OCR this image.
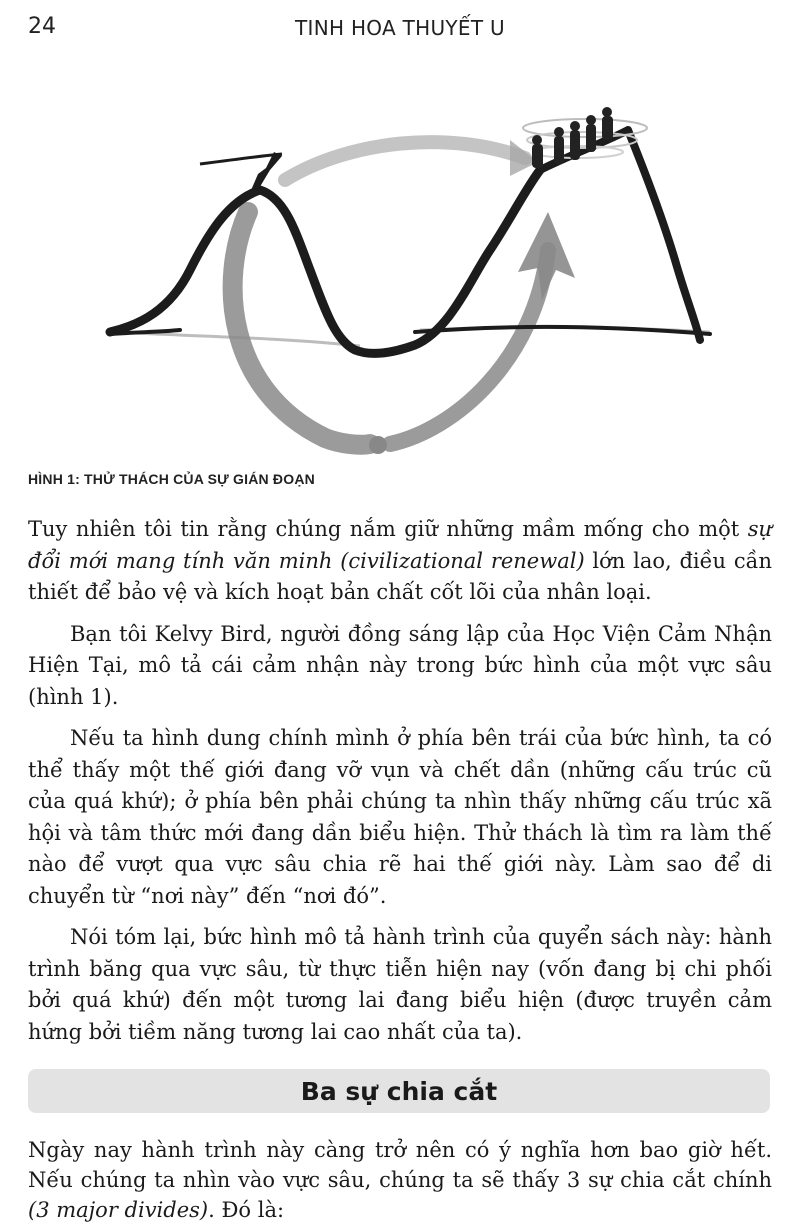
24	TINH HOA THUYẾT U
HÌNH 1: THỬ THÁCH CỦA SỰ GIÁN ĐOẠN

Tuy nhiên tôi tin rằng chúng nắm giữ những mầm mống cho một sự đổi mới mang tính văn minh (civilizational renewal) lớn lao, điều cần thiết để bảo vệ và kích hoạt bản chất cốt lõi của nhân loại.

Bạn tôi Kelvy Bird, người đồng sáng lập của Học Viện Cảm Nhận Hiện Tại, mô tả cái cảm nhận này trong bức hình của một vực sâu (hình 1).

Nếu ta hình dung chính mình ở phía bên trái của bức hình, ta có thể thấy một thế giới đang vỡ vụn và chết dần (những cấu trúc cũ của quá khứ); ở phía bên phải chúng ta nhìn thấy những cấu trúc xã hội và tâm thức mới đang dần biểu hiện. Thử thách là tìm ra làm thế nào để vượt qua vực sâu chia rẽ hai thế giới này. Làm sao để di chuyển từ “nơi này” đến “nơi đó”.

Nói tóm lại, bức hình mô tả hành trình của quyển sách này: hành trình băng qua vực sâu, từ thực tiễn hiện nay (vốn đang bị chi phối bởi quá khứ) đến một tương lai đang biểu hiện (được truyền cảm hứng bởi tiềm năng tương lai cao nhất của ta).

Ba sự chia cắt

Ngày nay hành trình này càng trở nên có ý nghĩa hơn bao giờ hết. Nếu chúng ta nhìn vào vực sâu, chúng ta sẽ thấy 3 sự chia cắt chính (3 major divides). Đó là:
